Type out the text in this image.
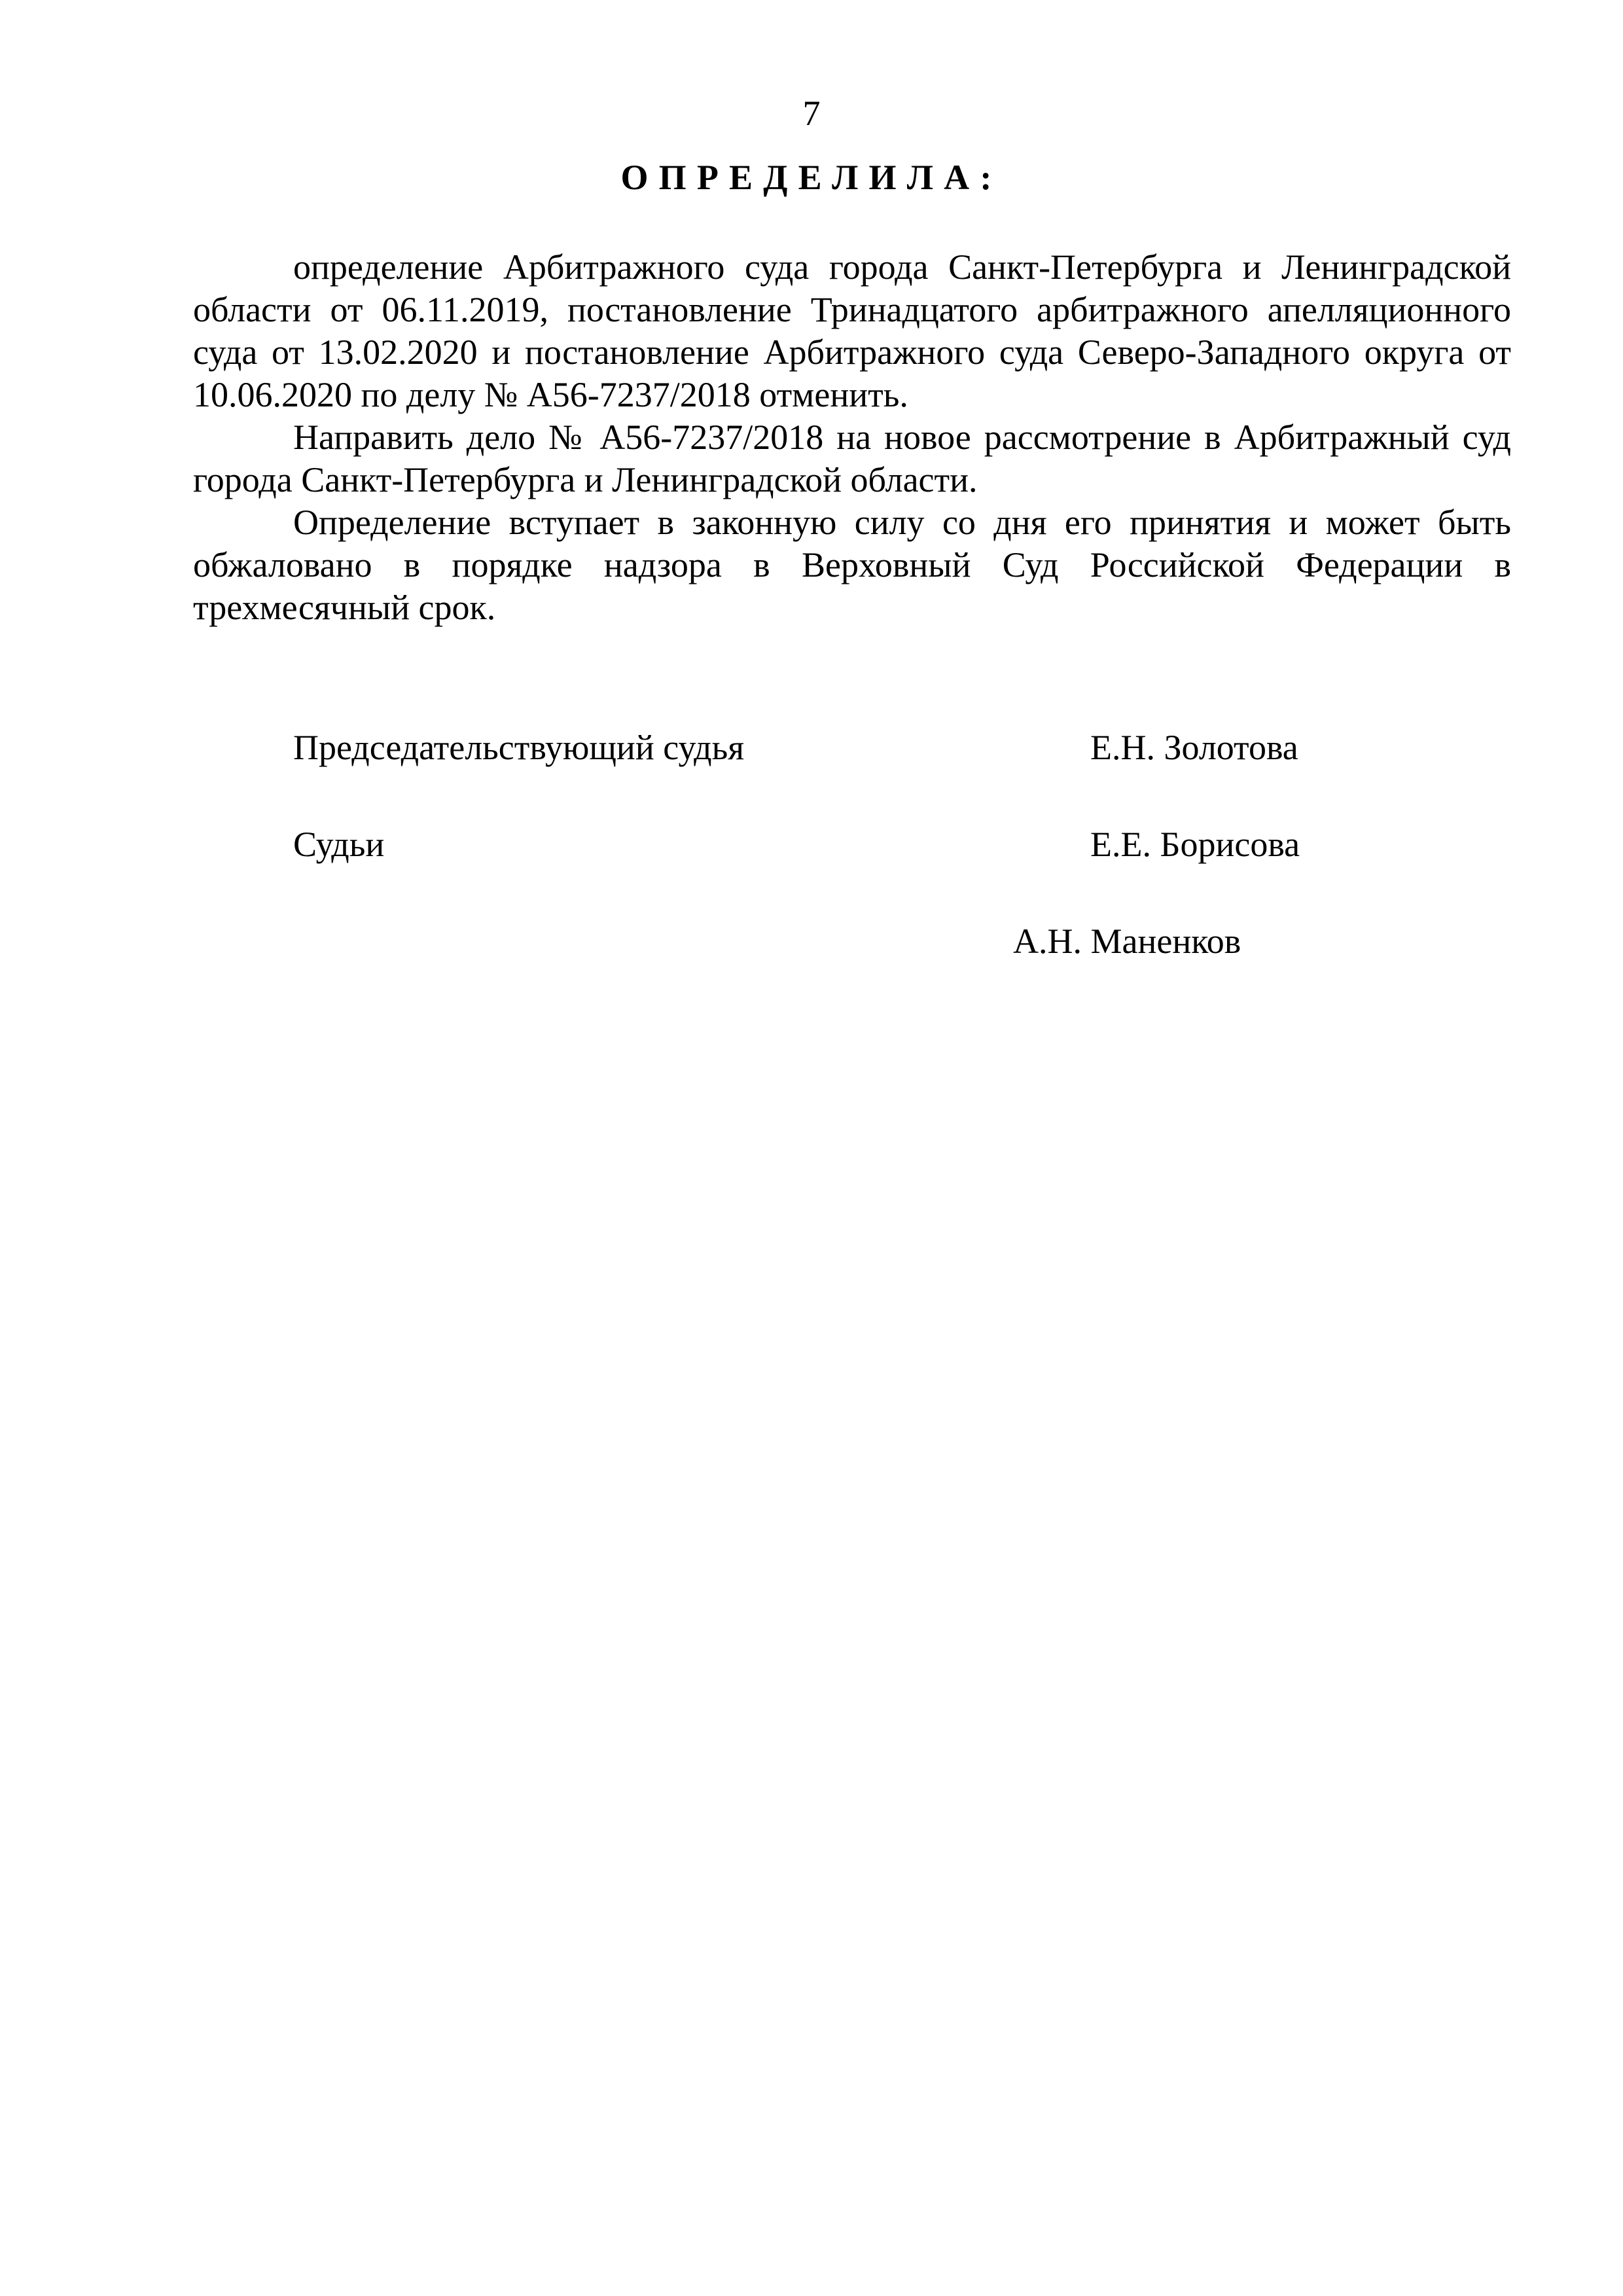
7
ОПРЕДЕЛИЛА:

определение Арбитражного суда города Санкт-Петербурга и Ленинградской области от 06.11.2019, постановление Тринадцатого арбитражного апелляционного суда от 13.02.2020 и постановление Арбитражного суда Северо-Западного округа от 10.06.2020 по делу № А56-7237/2018 отменить.

Направить дело № А56-7237/2018 на новое рассмотрение в Арбитражный суд города Санкт-Петербурга и Ленинградской области.

Определение вступает в законную силу со дня его принятия и может быть обжаловано в порядке надзора в Верховный Суд Российской Федерации в трехмесячный срок.

Председательствующий судья	Е.Н. Золотова
Судьи	Е.Е. Борисова
А.Н. Маненков
